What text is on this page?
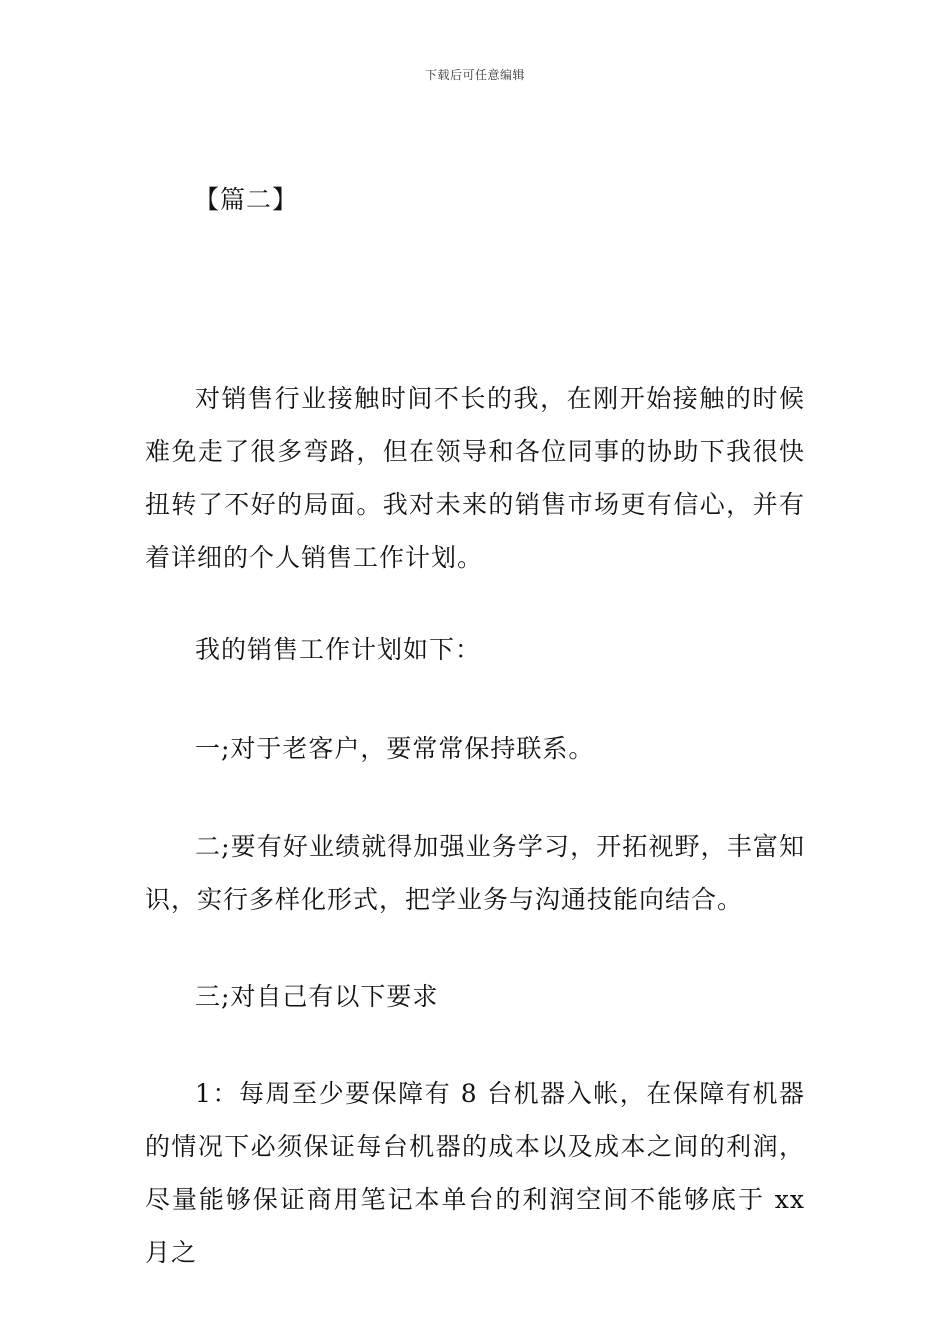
下载后可任意编辑
【篇二】

对销售行业接触时间不长的我，在刚开始接触的时候难免走了很多弯路，但在领导和各位同事的协助下我很快扭转了不好的局面。我对未来的销售市场更有信心，并有着详细的个人销售工作计划。

我的销售工作计划如下：

一;对于老客户，要常常保持联系。

二;要有好业绩就得加强业务学习，开拓视野，丰富知识，实行多样化形式，把学业务与沟通技能向结合。

三;对自己有以下要求

1：每周至少要保障有 8 台机器入帐，在保障有机器的情况下必须保证每台机器的成本以及成本之间的利润，尽量能够保证商用笔记本单台的利润空间不能够底于 xx 月之
